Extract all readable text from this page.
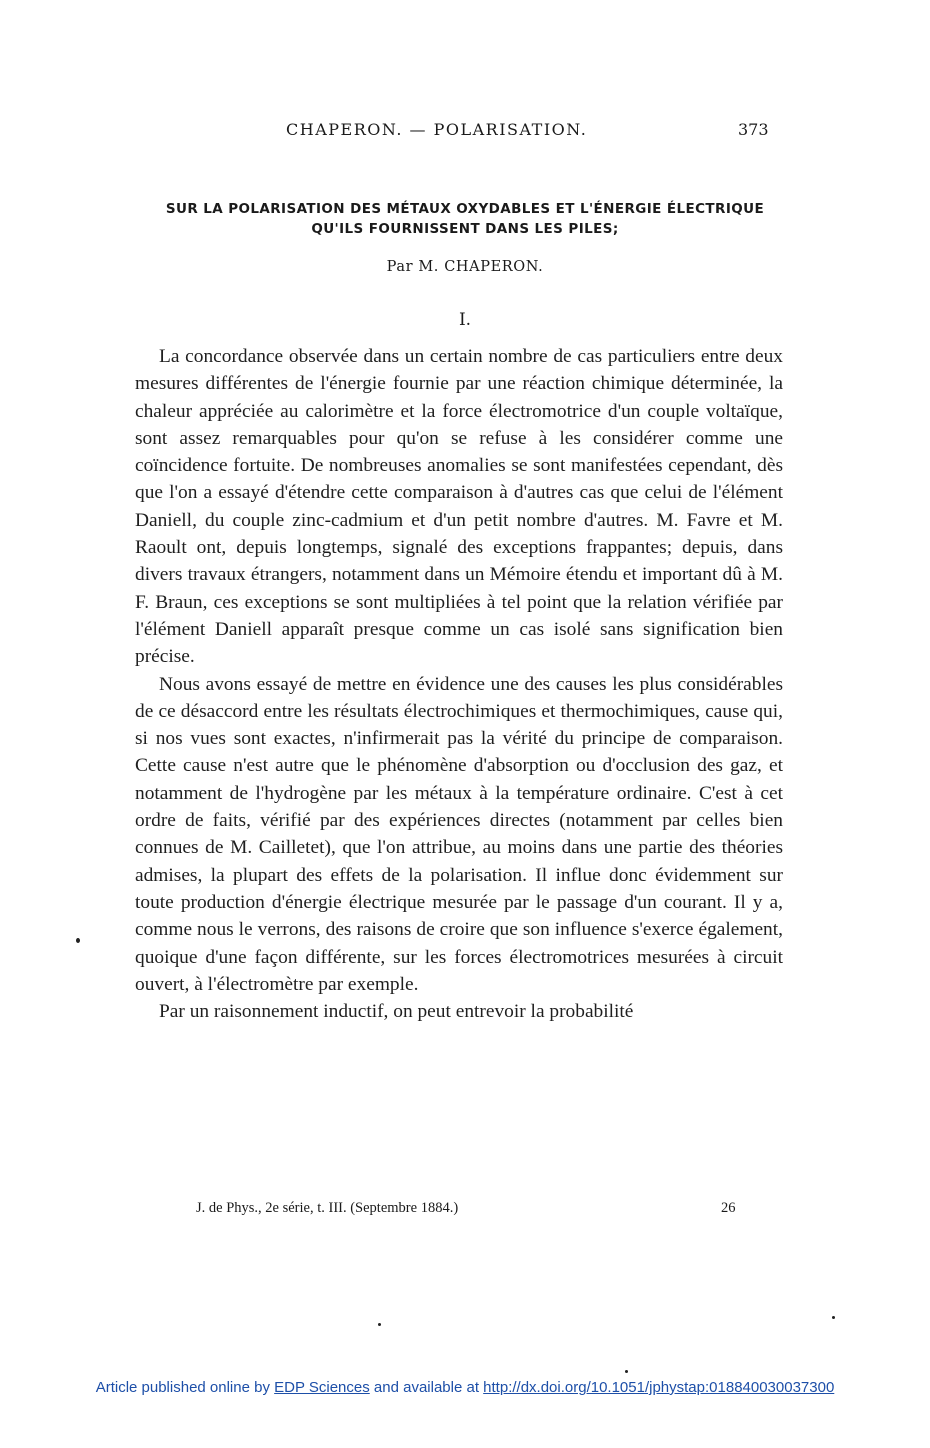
CHAPERON. — POLARISATION.	373
SUR LA POLARISATION DES MÉTAUX OXYDABLES ET L'ÉNERGIE ÉLECTRIQUE
QU'ILS FOURNISSENT DANS LES PILES;
Par M. CHAPERON.
I.

La concordance observée dans un certain nombre de cas particuliers entre deux mesures différentes de l'énergie fournie par une réaction chimique déterminée, la chaleur appréciée au calorimètre et la force électromotrice d'un couple voltaïque, sont assez remarquables pour qu'on se refuse à les considérer comme une coïncidence fortuite. De nombreuses anomalies se sont manifestées cependant, dès que l'on a essayé d'étendre cette comparaison à d'autres cas que celui de l'élément Daniell, du couple zinc-cadmium et d'un petit nombre d'autres. M. Favre et M. Raoult ont, depuis longtemps, signalé des exceptions frappantes; depuis, dans divers travaux étrangers, notamment dans un Mémoire étendu et important dû à M. F. Braun, ces exceptions se sont multipliées à tel point que la relation vérifiée par l'élément Daniell apparaît presque comme un cas isolé sans signification bien précise.

Nous avons essayé de mettre en évidence une des causes les plus considérables de ce désaccord entre les résultats électrochimiques et thermochimiques, cause qui, si nos vues sont exactes, n'infirmerait pas la vérité du principe de comparaison. Cette cause n'est autre que le phénomène d'absorption ou d'occlusion des gaz, et notamment de l'hydrogène par les métaux à la température ordinaire. C'est à cet ordre de faits, vérifié par des expériences directes (notamment par celles bien connues de M. Cailletet), que l'on attribue, au moins dans une partie des théories admises, la plupart des effets de la polarisation. Il influe donc évidemment sur toute production d'énergie électrique mesurée par le passage d'un courant. Il y a, comme nous le verrons, des raisons de croire que son influence s'exerce également, quoique d'une façon différente, sur les forces électromotrices mesurées à circuit ouvert, à l'électromètre par exemple.

Par un raisonnement inductif, on peut entrevoir la probabilité

J. de Phys., 2e série, t. III. (Septembre 1884.)	26
Article published online by EDP Sciences and available at http://dx.doi.org/10.1051/jphystap:018840030037300
